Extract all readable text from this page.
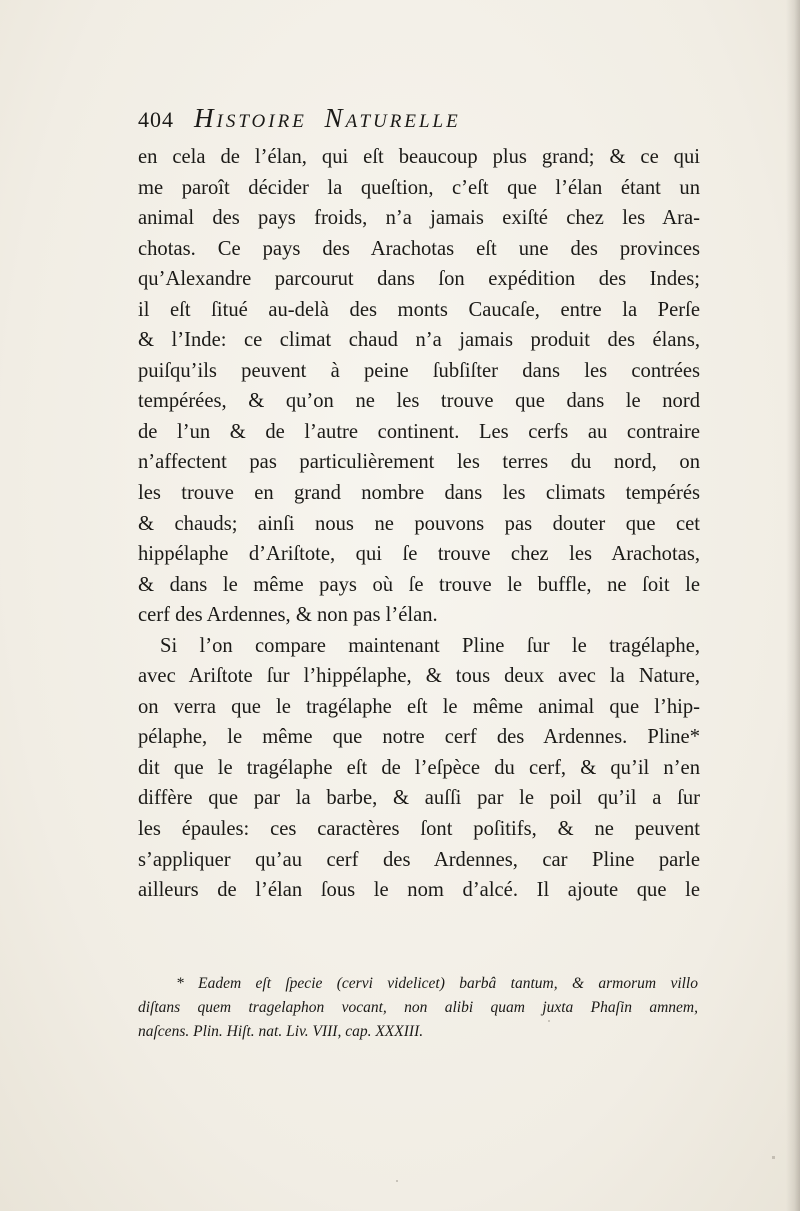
404 Histoire Naturelle
en cela de l’élan, qui eſt beaucoup plus grand; & ce qui
me paroît décider la queſtion, c’eſt que l’élan étant un
animal des pays froids, n’a jamais exiſté chez les Ara-
chotas. Ce pays des Arachotas eſt une des provinces
qu’Alexandre parcourut dans ſon expédition des Indes;
il eſt ſitué au-delà des monts Caucaſe, entre la Perſe
& l’Inde: ce climat chaud n’a jamais produit des élans,
puiſqu’ils peuvent à peine ſubſiſter dans les contrées
tempérées, & qu’on ne les trouve que dans le nord
de l’un & de l’autre continent. Les cerfs au contraire
n’affectent pas particulièrement les terres du nord, on
les trouve en grand nombre dans les climats tempérés
& chauds; ainſi nous ne pouvons pas douter que cet
hippélaphe d’Ariſtote, qui ſe trouve chez les Arachotas,
& dans le même pays où ſe trouve le buffle, ne ſoit le
cerf des Ardennes, & non pas l’élan.
Si l’on compare maintenant Pline ſur le tragélaphe,
avec Ariſtote ſur l’hippélaphe, & tous deux avec la Nature,
on verra que le tragélaphe eſt le même animal que l’hip-
pélaphe, le même que notre cerf des Ardennes. Pline*
dit que le tragélaphe eſt de l’eſpèce du cerf, & qu’il n’en
diffère que par la barbe, & auſſi par le poil qu’il a ſur
les épaules: ces caractères ſont poſitifs, & ne peuvent
s’appliquer qu’au cerf des Ardennes, car Pline parle
ailleurs de l’élan ſous le nom d’alcé. Il ajoute que le
* Eadem eſt ſpecie (cervi videlicet) barbâ tantum, & armorum villo
diſtans quem tragelaphon vocant, non alibi quam juxta Phaſin amnem,
naſcens. Plin. Hiſt. nat. Liv. VIII, cap. XXXIII.
